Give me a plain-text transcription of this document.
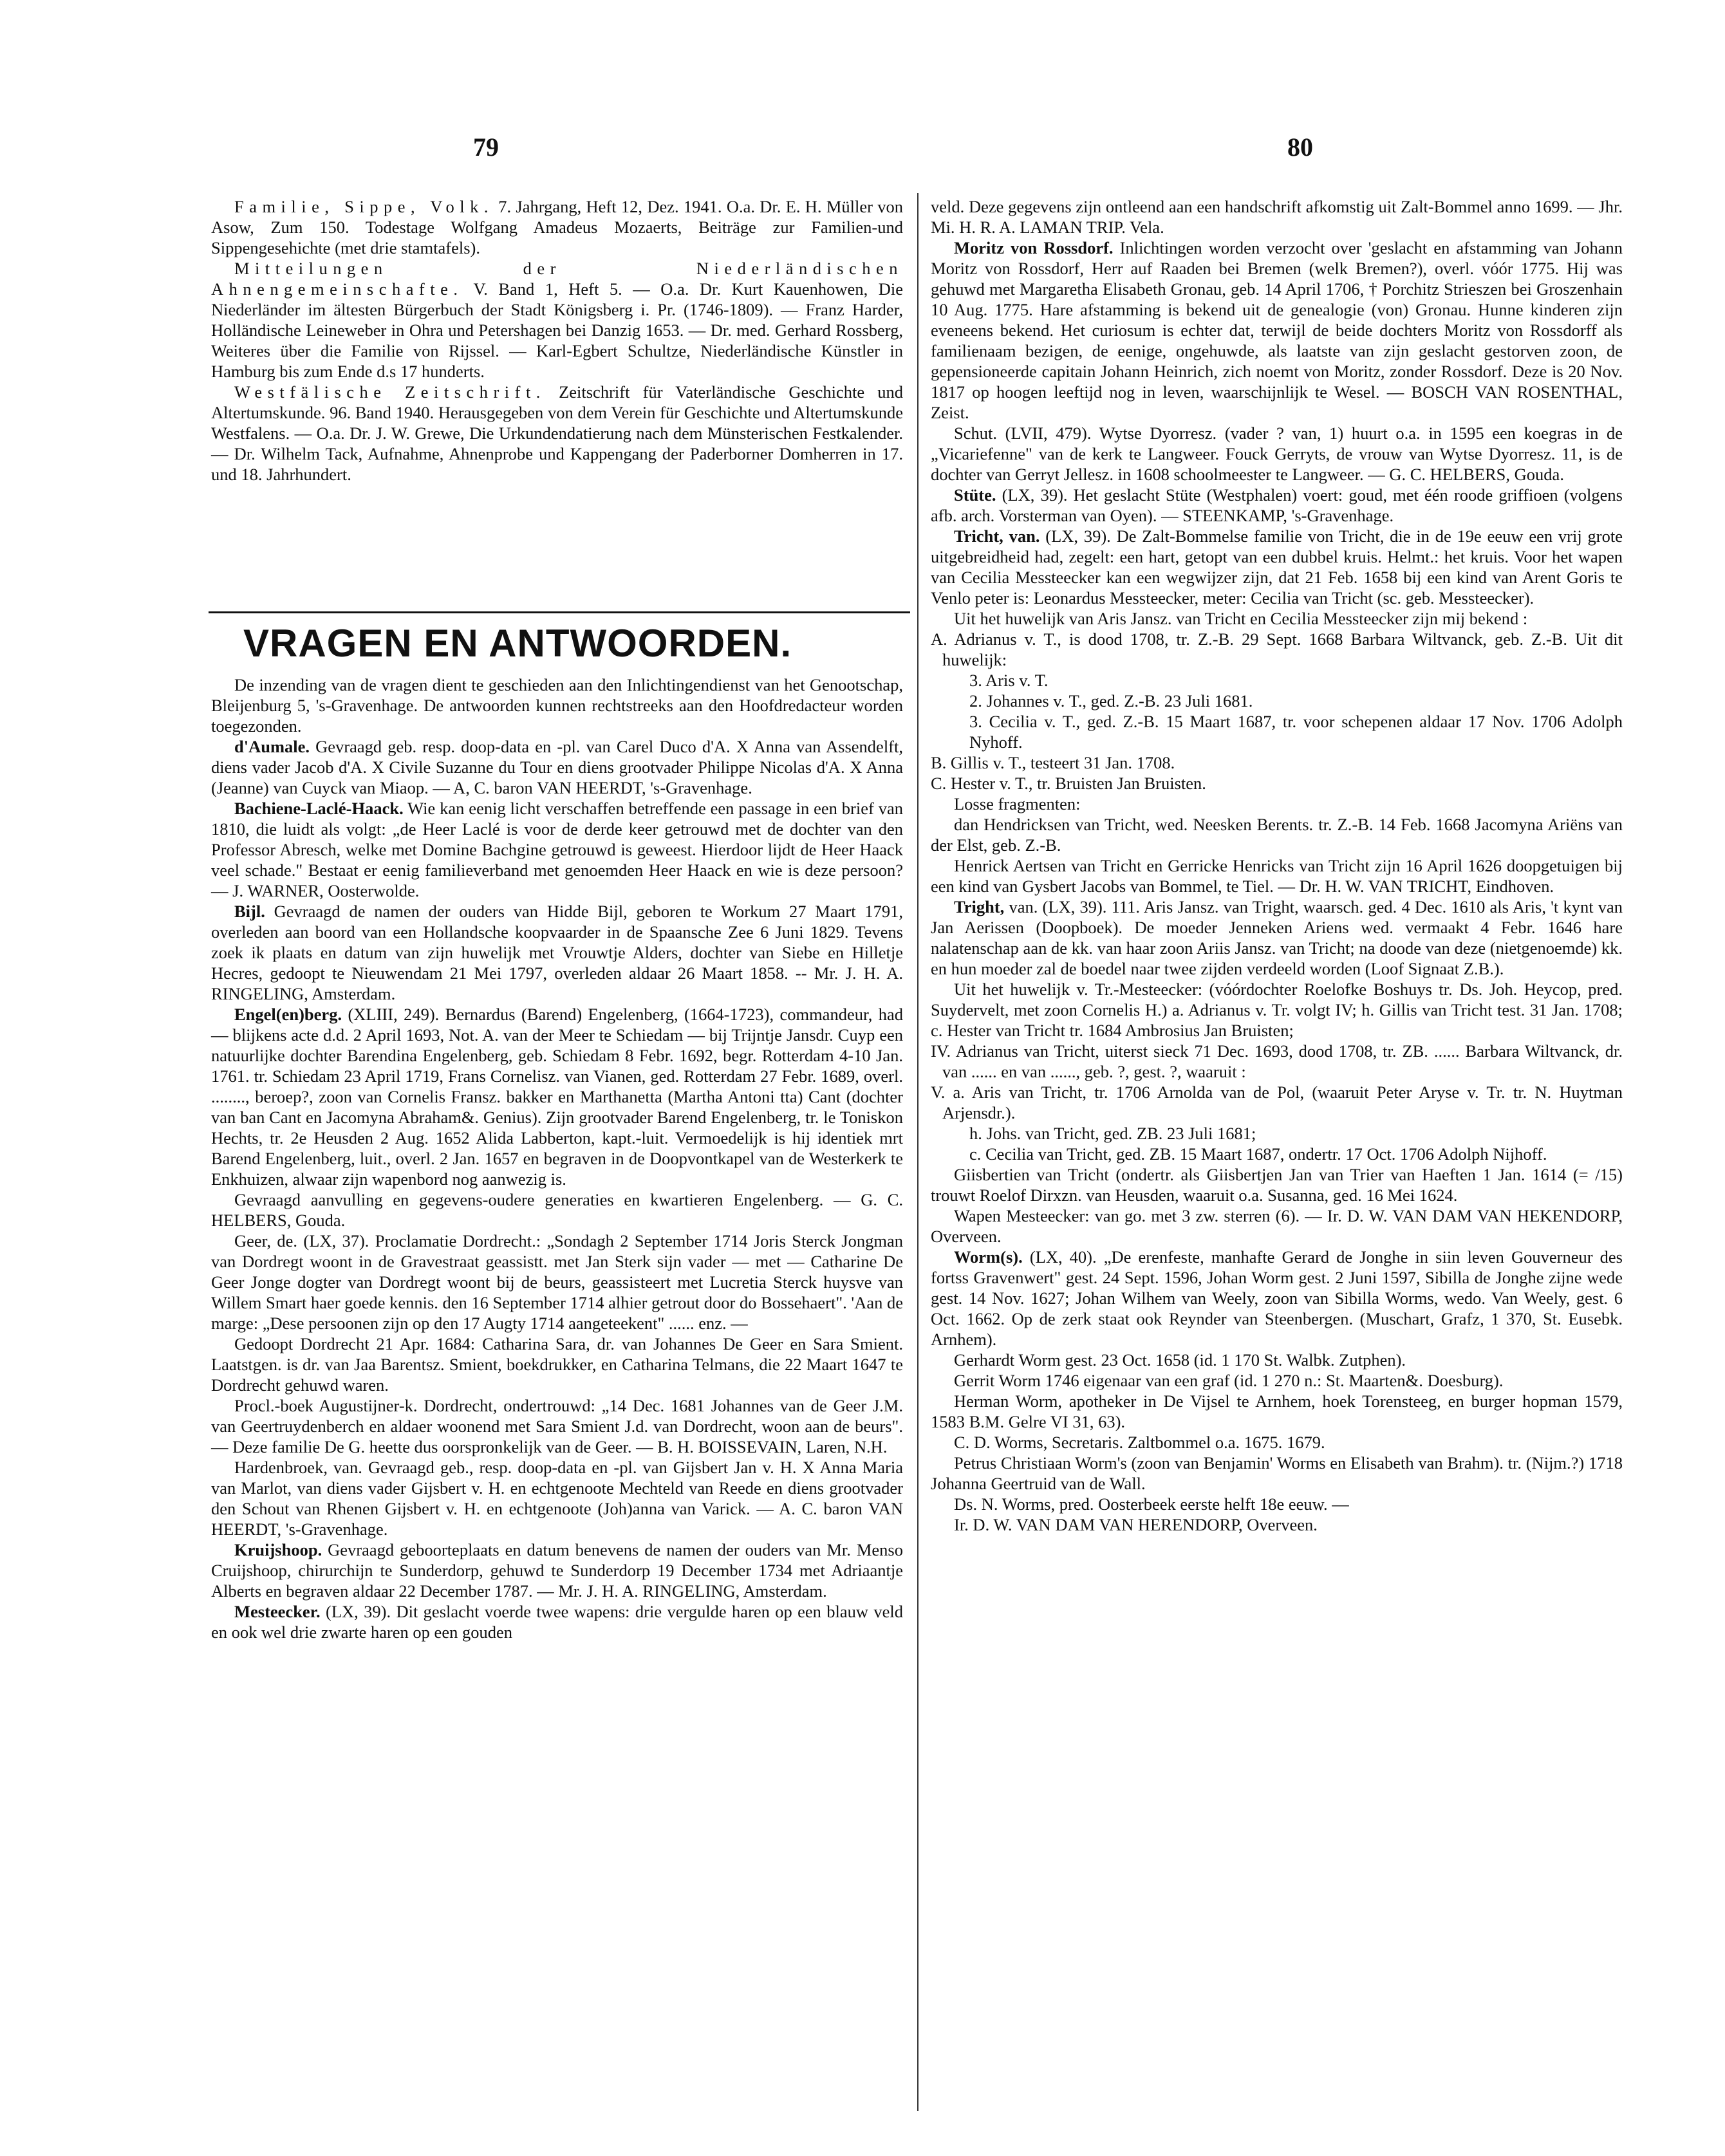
79	80

Familie, Sippe, Volk. 7. Jahrgang, Heft 12, Dez. 1941. O.a. Dr. E. H. Müller von Asow, Zum 150. Todestage Wolfgang Amadeus Mozaerts, Beiträge zur Familien-und Sippengesehichte (met drie stamtafels).

Mitteilungen der Niederländischen Ahnengemeinschafte. V. Band 1, Heft 5. — O.a. Dr. Kurt Kauenhowen, Die Niederländer im ältesten Bürgerbuch der Stadt Königsberg i. Pr. (1746-1809). — Franz Harder, Holländische Leineweber in Ohra und Petershagen bei Danzig 1653. — Dr. med. Gerhard Rossberg, Weiteres über die Familie von Rijssel. — Karl-Egbert Schultze, Niederländische Künstler in Hamburg bis zum Ende d.s 17 hunderts.

Westfälische Zeitschrift. Zeitschrift für Vaterländische Geschichte und Altertumskunde. 96. Band 1940. Herausgegeben von dem Verein für Geschichte und Altertumskunde Westfalens. — O.a. Dr. J. W. Grewe, Die Urkundendatierung nach dem Münsterischen Festkalender. — Dr. Wilhelm Tack, Aufnahme, Ahnenprobe und Kappengang der Paderborner Domherren in 17. und 18. Jahrhundert.

VRAGEN EN ANTWOORDEN.

De inzending van de vragen dient te geschieden aan den Inlichtingendienst van het Genootschap, Bleijenburg 5, 's-Gravenhage. De antwoorden kunnen rechtstreeks aan den Hoofdredacteur worden toegezonden.

d'Aumale. Gevraagd geb. resp. doop-data en -pl. van Carel Duco d'A. X Anna van Assendelft, diens vader Jacob d'A. X Civile Suzanne du Tour en diens grootvader Philippe Nicolas d'A. X Anna (Jeanne) van Cuyck van Miaop. — A, C. baron VAN HEERDT, 's-Gravenhage.

Bachiene-Laclé-Haack. Wie kan eenig licht verschaffen betreffende een passage in een brief van 1810, die luidt als volgt: „de Heer Laclé is voor de derde keer getrouwd met de dochter van den Professor Abresch, welke met Domine Bachgine getrouwd is geweest. Hierdoor lijdt de Heer Haack veel schade." Bestaat er eenig familieverband met genoemden Heer Haack en wie is deze persoon? — J. WARNER, Oosterwolde.

Bijl. Gevraagd de namen der ouders van Hidde Bijl, geboren te Workum 27 Maart 1791, overleden aan boord van een Hollandsche koopvaarder in de Spaansche Zee 6 Juni 1829. Tevens zoek ik plaats en datum van zijn huwelijk met Vrouwtje Alders, dochter van Siebe en Hilletje Hecres, gedoopt te Nieuwendam 21 Mei 1797, overleden aldaar 26 Maart 1858. -- Mr. J. H. A. RINGELING, Amsterdam.

Engel(en)berg. (XLIII, 249). Bernardus (Barend) Engelenberg, (1664-1723), commandeur, had — blijkens acte d.d. 2 April 1693, Not. A. van der Meer te Schiedam — bij Trijntje Jansdr. Cuyp een natuurlijke dochter Barendina Engelenberg, geb. Schiedam 8 Febr. 1692, begr. Rotterdam 4-10 Jan. 1761. tr. Schiedam 23 April 1719, Frans Cornelisz. van Vianen, ged. Rotterdam 27 Febr. 1689, overl. ........, beroep?, zoon van Cornelis Fransz. bakker en Marthanetta (Martha Antoni tta) Cant (dochter van ban Cant en Jacomyna Abraham&. Genius). Zijn grootvader Barend Engelenberg, tr. le Toniskon Hechts, tr. 2e Heusden 2 Aug. 1652 Alida Labberton, kapt.-luit. Vermoedelijk is hij identiek mrt Barend Engelenberg, luit., overl. 2 Jan. 1657 en begraven in de Doopvontkapel van de Westerkerk te Enkhuizen, alwaar zijn wapenbord nog aanwezig is.

Gevraagd aanvulling en gegevens-oudere generaties en kwartieren Engelenberg. — G. C. HELBERS, Gouda.

Geer, de. (LX, 37). Proclamatie Dordrecht.: „Sondagh 2 September 1714 Joris Sterck Jongman van Dordregt woont in de Gravestraat geassistt. met Jan Sterk sijn vader — met — Catharine De Geer Jonge dogter van Dordregt woont bij de beurs, geassisteert met Lucretia Sterck huysve van Willem Smart haer goede kennis. den 16 September 1714 alhier getrout door do Bossehaert". 'Aan de marge: „Dese persoonen zijn op den 17 Augty 1714 aangeteekent" ...... enz. —

Gedoopt Dordrecht 21 Apr. 1684: Catharina Sara, dr. van Johannes De Geer en Sara Smient. Laatstgen. is dr. van Jaa Barentsz. Smient, boekdrukker, en Catharina Telmans, die 22 Maart 1647 te Dordrecht gehuwd waren.

Procl.-boek Augustijner-k. Dordrecht, ondertrouwd: „14 Dec. 1681 Johannes van de Geer J.M. van Geertruydenberch en aldaer woonend met Sara Smient J.d. van Dordrecht, woon aan de beurs". — Deze familie De G. heette dus oorspronkelijk van de Geer. — B. H. BOISSEVAIN, Laren, N.H.

Hardenbroek, van. Gevraagd geb., resp. doop-data en -pl. van Gijsbert Jan v. H. X Anna Maria van Marlot, van diens vader Gijsbert v. H. en echtgenoote Mechteld van Reede en diens grootvader den Schout van Rhenen Gijsbert v. H. en echtgenoote (Joh)anna van Varick. — A. C. baron VAN HEERDT, 's-Gravenhage.

Kruijshoop. Gevraagd geboorteplaats en datum benevens de namen der ouders van Mr. Menso Cruijshoop, chirurchijn te Sunderdorp, gehuwd te Sunderdorp 19 December 1734 met Adriaantje Alberts en begraven aldaar 22 December 1787. — Mr. J. H. A. RINGELING, Amsterdam.

Mesteecker. (LX, 39). Dit geslacht voerde twee wapens: drie vergulde haren op een blauw veld en ook wel drie zwarte haren op een gouden

veld. Deze gegevens zijn ontleend aan een handschrift afkomstig uit Zalt-Bommel anno 1699. — Jhr. Mi. H. R. A. LAMAN TRIP. Vela.

Moritz von Rossdorf. Inlichtingen worden verzocht over 'geslacht en afstamming van Johann Moritz von Rossdorf, Herr auf Raaden bei Bremen (welk Bremen?), overl. vóór 1775. Hij was gehuwd met Margaretha Elisabeth Gronau, geb. 14 April 1706, † Porchitz Strieszen bei Groszenhain 10 Aug. 1775. Hare afstamming is bekend uit de genealogie (von) Gronau. Hunne kinderen zijn eveneens bekend. Het curiosum is echter dat, terwijl de beide dochters Moritz von Rossdorff als familienaam bezigen, de eenige, ongehuwde, als laatste van zijn geslacht gestorven zoon, de gepensioneerde capitain Johann Heinrich, zich noemt von Moritz, zonder Rossdorf. Deze is 20 Nov. 1817 op hoogen leeftijd nog in leven, waarschijnlijk te Wesel. — BOSCH VAN ROSENTHAL, Zeist.

Schut. (LVII, 479). Wytse Dyorresz. (vader ? van, 1) huurt o.a. in 1595 een koegras in de „Vicariefenne" van de kerk te Langweer. Fouck Gerryts, de vrouw van Wytse Dyorresz. 11, is de dochter van Gerryt Jellesz. in 1608 schoolmeester te Langweer. — G. C. HELBERS, Gouda.

Stüte. (LX, 39). Het geslacht Stüte (Westphalen) voert: goud, met één roode griffioen (volgens afb. arch. Vorsterman van Oyen). — STEENKAMP, 's-Gravenhage.

Tricht, van. (LX, 39). De Zalt-Bommelse familie von Tricht, die in de 19e eeuw een vrij grote uitgebreidheid had, zegelt: een hart, getopt van een dubbel kruis. Helmt.: het kruis. Voor het wapen van Cecilia Messteecker kan een wegwijzer zijn, dat 21 Feb. 1658 bij een kind van Arent Goris te Venlo peter is: Leonardus Messteecker, meter: Cecilia van Tricht (sc. geb. Messteecker).

Uit het huwelijk van Aris Jansz. van Tricht en Cecilia Messteecker zijn mij bekend :

A. Adrianus v. T., is dood 1708, tr. Z.-B. 29 Sept. 1668 Barbara Wiltvanck, geb. Z.-B. Uit dit huwelijk:

3. Aris v. T.

2. Johannes v. T., ged. Z.-B. 23 Juli 1681.

3. Cecilia v. T., ged. Z.-B. 15 Maart 1687, tr. voor schepenen aldaar 17 Nov. 1706 Adolph Nyhoff.

B. Gillis v. T., testeert 31 Jan. 1708.

C. Hester v. T., tr. Bruisten Jan Bruisten.

Losse fragmenten:

dan Hendricksen van Tricht, wed. Neesken Berents. tr. Z.-B. 14 Feb. 1668 Jacomyna Ariëns van der Elst, geb. Z.-B.

Henrick Aertsen van Tricht en Gerricke Henricks van Tricht zijn 16 April 1626 doopgetuigen bij een kind van Gysbert Jacobs van Bommel, te Tiel. — Dr. H. W. VAN TRICHT, Eindhoven.

Tright, van. (LX, 39). 111. Aris Jansz. van Tright, waarsch. ged. 4 Dec. 1610 als Aris, 't kynt van Jan Aerissen (Doopboek). De moeder Jenneken Ariens wed. vermaakt 4 Febr. 1646 hare nalatenschap aan de kk. van haar zoon Ariis Jansz. van Tricht; na doode van deze (nietgenoemde) kk. en hun moeder zal de boedel naar twee zijden verdeeld worden (Loof Signaat Z.B.).

Uit het huwelijk v. Tr.-Mesteecker: (vóórdochter Roelofke Boshuys tr. Ds. Joh. Heycop, pred. Suydervelt, met zoon Cornelis H.) a. Adrianus v. Tr. volgt IV; h. Gillis van Tricht test. 31 Jan. 1708; c. Hester van Tricht tr. 1684 Ambrosius Jan Bruisten;

IV. Adrianus van Tricht, uiterst sieck 71 Dec. 1693, dood 1708, tr. ZB. ...... Barbara Wiltvanck, dr. van ...... en van ......, geb. ?, gest. ?, waaruit :

V. a. Aris van Tricht, tr. 1706 Arnolda van de Pol, (waaruit Peter Aryse v. Tr. tr. N. Huytman Arjensdr.).

h. Johs. van Tricht, ged. ZB. 23 Juli 1681;

c. Cecilia van Tricht, ged. ZB. 15 Maart 1687, ondertr. 17 Oct. 1706 Adolph Nijhoff.

Giisbertien van Tricht (ondertr. als Giisbertjen Jan van Trier van Haeften 1 Jan. 1614 (= /15) trouwt Roelof Dirxzn. van Heusden, waaruit o.a. Susanna, ged. 16 Mei 1624.

Wapen Mesteecker: van go. met 3 zw. sterren (6). — Ir. D. W. VAN DAM VAN HEKENDORP, Overveen.

Worm(s). (LX, 40). „De erenfeste, manhafte Gerard de Jonghe in siin leven Gouverneur des fortss Gravenwert" gest. 24 Sept. 1596, Johan Worm gest. 2 Juni 1597, Sibilla de Jonghe zijne wede gest. 14 Nov. 1627; Johan Wilhem van Weely, zoon van Sibilla Worms, wedo. Van Weely, gest. 6 Oct. 1662. Op de zerk staat ook Reynder van Steenbergen. (Muschart, Grafz, 1 370, St. Eusebk. Arnhem).

Gerhardt Worm gest. 23 Oct. 1658 (id. 1 170 St. Walbk. Zutphen).

Gerrit Worm 1746 eigenaar van een graf (id. 1 270 n.: St. Maarten&. Doesburg).

Herman Worm, apotheker in De Vijsel te Arnhem, hoek Torensteeg, en burger hopman 1579, 1583 B.M. Gelre VI 31, 63).

C. D. Worms, Secretaris. Zaltbommel o.a. 1675. 1679.

Petrus Christiaan Worm's (zoon van Benjamin' Worms en Elisabeth van Brahm). tr. (Nijm.?) 1718 Johanna Geertruid van de Wall.

Ds. N. Worms, pred. Oosterbeek eerste helft 18e eeuw. —

Ir. D. W. VAN DAM VAN HERENDORP, Overveen.
